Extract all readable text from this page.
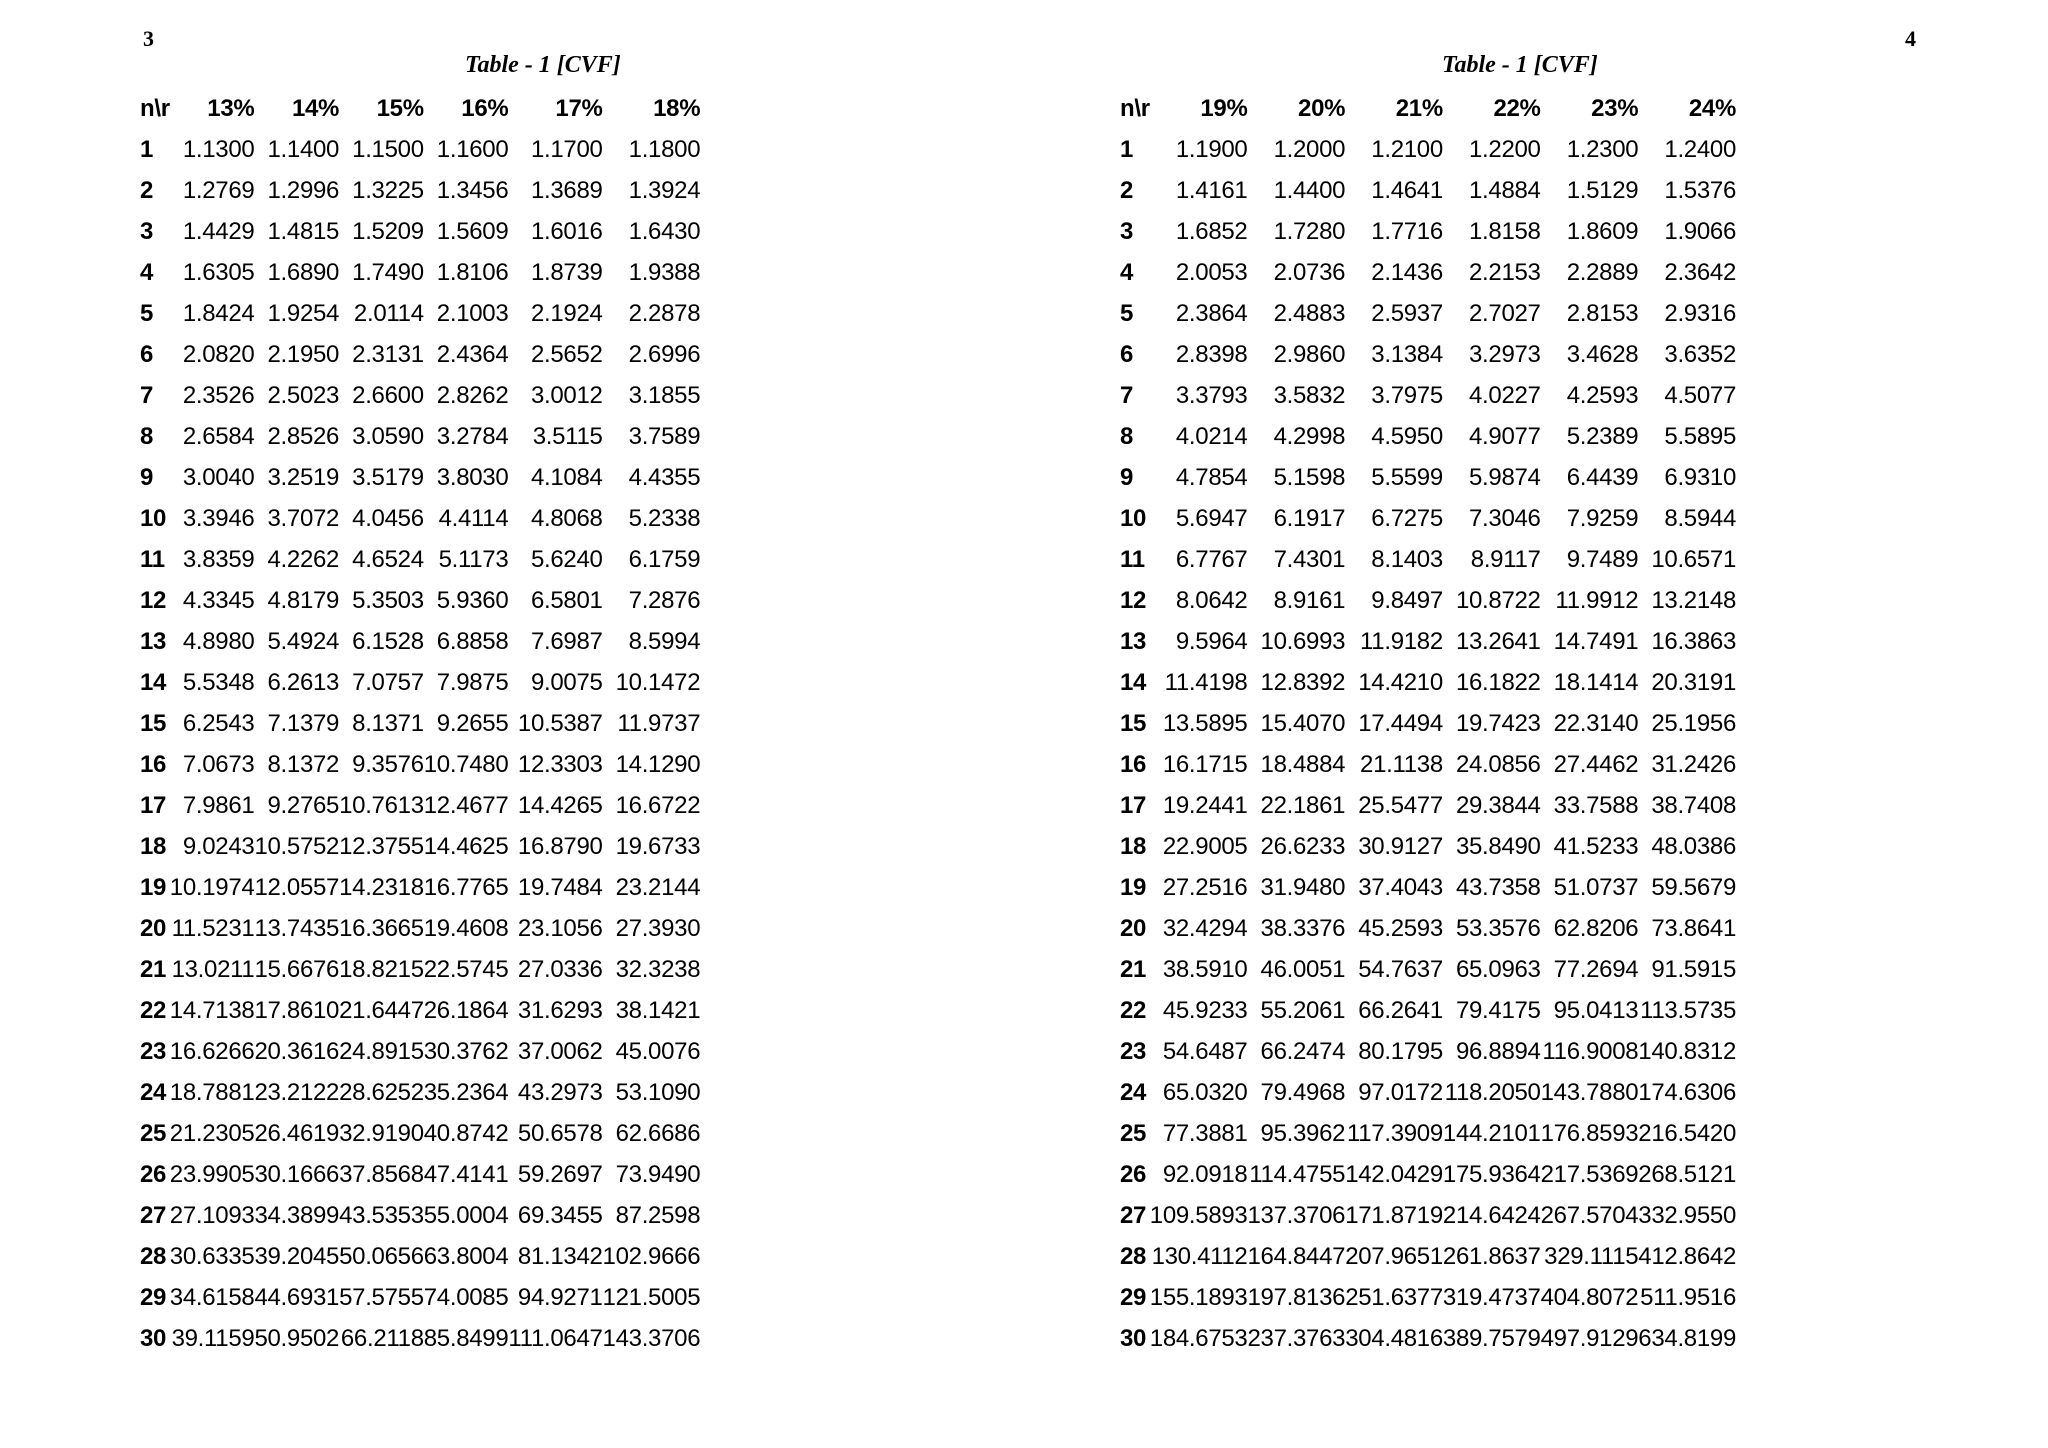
3	4
Table - 1 [CVF]
n\r	13%	14%	15%	16%	17%	18%
1	1.1300	1.1400	1.1500	1.1600	1.1700	1.1800
2	1.2769	1.2996	1.3225	1.3456	1.3689	1.3924
3	1.4429	1.4815	1.5209	1.5609	1.6016	1.6430
4	1.6305	1.6890	1.7490	1.8106	1.8739	1.9388
5	1.8424	1.9254	2.0114	2.1003	2.1924	2.2878
6	2.0820	2.1950	2.3131	2.4364	2.5652	2.6996
7	2.3526	2.5023	2.6600	2.8262	3.0012	3.1855
8	2.6584	2.8526	3.0590	3.2784	3.5115	3.7589
9	3.0040	3.2519	3.5179	3.8030	4.1084	4.4355
10	3.3946	3.7072	4.0456	4.4114	4.8068	5.2338
11	3.8359	4.2262	4.6524	5.1173	5.6240	6.1759
12	4.3345	4.8179	5.3503	5.9360	6.5801	7.2876
13	4.8980	5.4924	6.1528	6.8858	7.6987	8.5994
14	5.5348	6.2613	7.0757	7.9875	9.0075	10.1472
15	6.2543	7.1379	8.1371	9.2655	10.5387	11.9737
16	7.0673	8.1372	9.3576	10.7480	12.3303	14.1290
17	7.9861	9.2765	10.7613	12.4677	14.4265	16.6722
18	9.0243	10.5752	12.3755	14.4625	16.8790	19.6733
19	10.1974	12.0557	14.2318	16.7765	19.7484	23.2144
20	11.5231	13.7435	16.3665	19.4608	23.1056	27.3930
21	13.0211	15.6676	18.8215	22.5745	27.0336	32.3238
22	14.7138	17.8610	21.6447	26.1864	31.6293	38.1421
23	16.6266	20.3616	24.8915	30.3762	37.0062	45.0076
24	18.7881	23.2122	28.6252	35.2364	43.2973	53.1090
25	21.2305	26.4619	32.9190	40.8742	50.6578	62.6686
26	23.9905	30.1666	37.8568	47.4141	59.2697	73.9490
27	27.1093	34.3899	43.5353	55.0004	69.3455	87.2598
28	30.6335	39.2045	50.0656	63.8004	81.1342	102.9666
29	34.6158	44.6931	57.5755	74.0085	94.9271	121.5005
30	39.1159	50.9502	66.2118	85.8499	111.0647	143.3706
Table - 1 [CVF]
n\r	19%	20%	21%	22%	23%	24%
1	1.1900	1.2000	1.2100	1.2200	1.2300	1.2400
2	1.4161	1.4400	1.4641	1.4884	1.5129	1.5376
3	1.6852	1.7280	1.7716	1.8158	1.8609	1.9066
4	2.0053	2.0736	2.1436	2.2153	2.2889	2.3642
5	2.3864	2.4883	2.5937	2.7027	2.8153	2.9316
6	2.8398	2.9860	3.1384	3.2973	3.4628	3.6352
7	3.3793	3.5832	3.7975	4.0227	4.2593	4.5077
8	4.0214	4.2998	4.5950	4.9077	5.2389	5.5895
9	4.7854	5.1598	5.5599	5.9874	6.4439	6.9310
10	5.6947	6.1917	6.7275	7.3046	7.9259	8.5944
11	6.7767	7.4301	8.1403	8.9117	9.7489	10.6571
12	8.0642	8.9161	9.8497	10.8722	11.9912	13.2148
13	9.5964	10.6993	11.9182	13.2641	14.7491	16.3863
14	11.4198	12.8392	14.4210	16.1822	18.1414	20.3191
15	13.5895	15.4070	17.4494	19.7423	22.3140	25.1956
16	16.1715	18.4884	21.1138	24.0856	27.4462	31.2426
17	19.2441	22.1861	25.5477	29.3844	33.7588	38.7408
18	22.9005	26.6233	30.9127	35.8490	41.5233	48.0386
19	27.2516	31.9480	37.4043	43.7358	51.0737	59.5679
20	32.4294	38.3376	45.2593	53.3576	62.8206	73.8641
21	38.5910	46.0051	54.7637	65.0963	77.2694	91.5915
22	45.9233	55.2061	66.2641	79.4175	95.0413	113.5735
23	54.6487	66.2474	80.1795	96.8894	116.9008	140.8312
24	65.0320	79.4968	97.0172	118.2050	143.7880	174.6306
25	77.3881	95.3962	117.3909	144.2101	176.8593	216.5420
26	92.0918	114.4755	142.0429	175.9364	217.5369	268.5121
27	109.5893	137.3706	171.8719	214.6424	267.5704	332.9550
28	130.4112	164.8447	207.9651	261.8637	329.1115	412.8642
29	155.1893	197.8136	251.6377	319.4737	404.8072	511.9516
30	184.6753	237.3763	304.4816	389.7579	497.9129	634.8199
